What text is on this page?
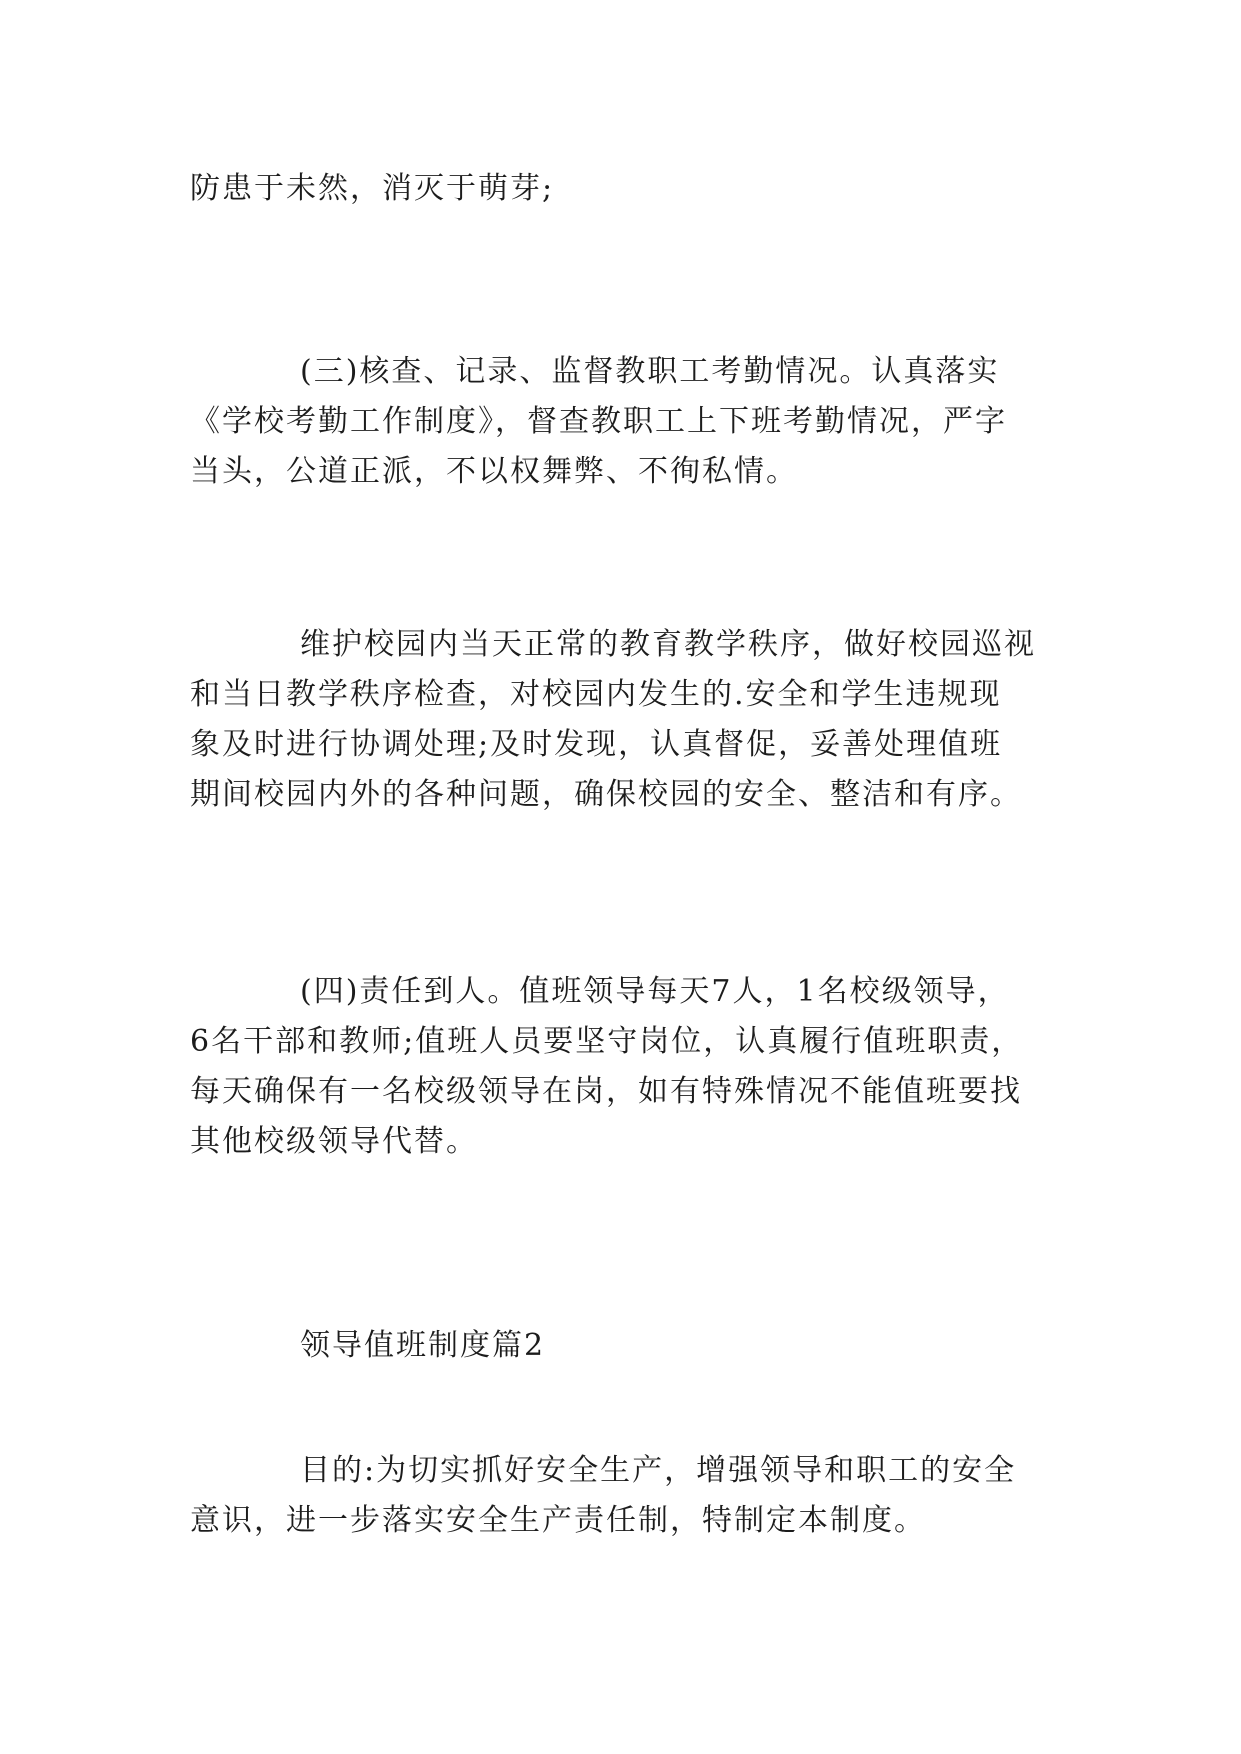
防患于未然，消灭于萌芽;

(三)核查、记录、监督教职工考勤情况。认真落实
《学校考勤工作制度》，督查教职工上下班考勤情况，严字
当头，公道正派，不以权舞弊、不徇私情。

维护校园内当天正常的教育教学秩序，做好校园巡视
和当日教学秩序检查，对校园内发生的.安全和学生违规现
象及时进行协调处理;及时发现，认真督促，妥善处理值班
期间校园内外的各种问题，确保校园的安全、整洁和有序。

(四)责任到人。值班领导每天7人，1名校级领导，
6名干部和教师;值班人员要坚守岗位，认真履行值班职责，
每天确保有一名校级领导在岗，如有特殊情况不能值班要找
其他校级领导代替。

领导值班制度篇2

目的:为切实抓好安全生产，增强领导和职工的安全
意识，进一步落实安全生产责任制，特制定本制度。
